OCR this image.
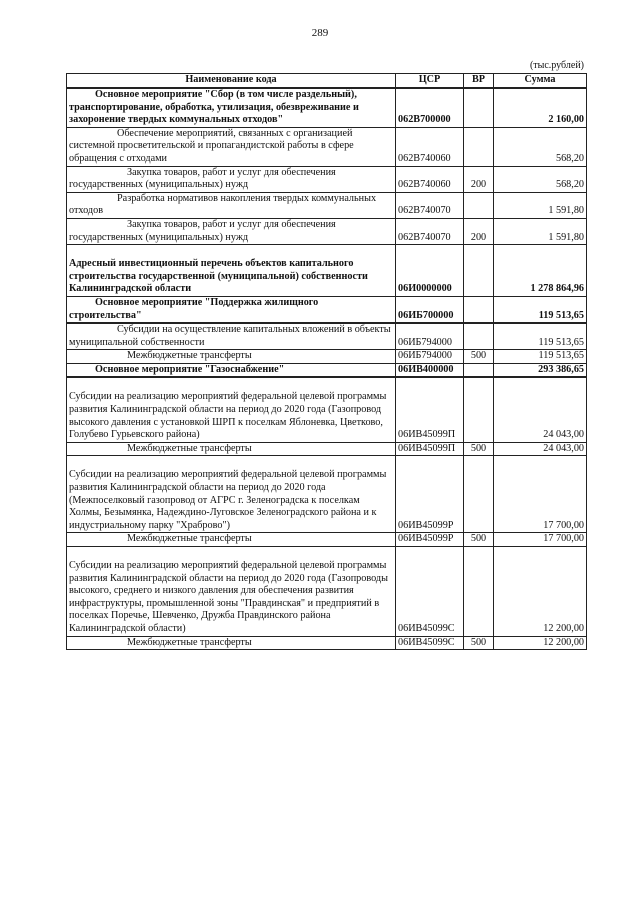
289
(тыс.рублей)
Наименование кода	ЦСР	ВР	Сумма
Основное мероприятие "Сбор (в том числе раздельный), транспортирование, обработка, утилизация, обезвреживание и захоронение твердых коммунальных отходов"	062В700000		2 160,00
Обеспечение мероприятий, связанных с организацией системной просветительской и пропагандистской работы в сфере обращения с отходами	062В740060		568,20
Закупка товаров, работ и услуг для обеспечения государственных (муниципальных) нужд	062В740060	200	568,20
Разработка нормативов накопления твердых коммунальных отходов	062В740070		1 591,80
Закупка товаров, работ и услуг для обеспечения государственных (муниципальных) нужд	062В740070	200	1 591,80

Адресный инвестиционный перечень объектов капитального строительства государственной (муниципальной) собственности Калининградской области	06И0000000		1 278 864,96
Основное мероприятие "Поддержка жилищного строительства"	06ИБ700000		119 513,65
Субсидии на осуществление капитальных вложений в объекты муниципальной собственности	06ИБ794000		119 513,65
Межбюджетные трансферты	06ИБ794000	500	119 513,65
Основное мероприятие "Газоснабжение"	06ИВ400000		293 386,65

Субсидии на реализацию мероприятий федеральной целевой программы развития Калининградской области на период до 2020 года (Газопровод высокого давления с установкой ШРП к поселкам Яблоневка, Цветково, Голубево Гурьевского района)	06ИВ45099П		24 043,00
Межбюджетные трансферты	06ИВ45099П	500	24 043,00

Субсидии на реализацию мероприятий федеральной целевой программы развития Калининградской области на период до 2020 года (Межпоселковый газопровод от АГРС г. Зеленоградска к поселкам Холмы, Безымянка, Надеждино-Луговское Зеленоградского района и к индустриальному парку "Храброво")	06ИВ45099Р		17 700,00
Межбюджетные трансферты	06ИВ45099Р	500	17 700,00

Субсидии на реализацию мероприятий федеральной целевой программы развития Калининградской области на период до 2020 года (Газопроводы высокого, среднего и низкого давления для обеспечения развития инфраструктуры, промышленной зоны "Правдинская" и предприятий в поселках Поречье, Шевченко, Дружба Правдинского района Калининградской области)	06ИВ45099С		12 200,00
Межбюджетные трансферты	06ИВ45099С	500	12 200,00
